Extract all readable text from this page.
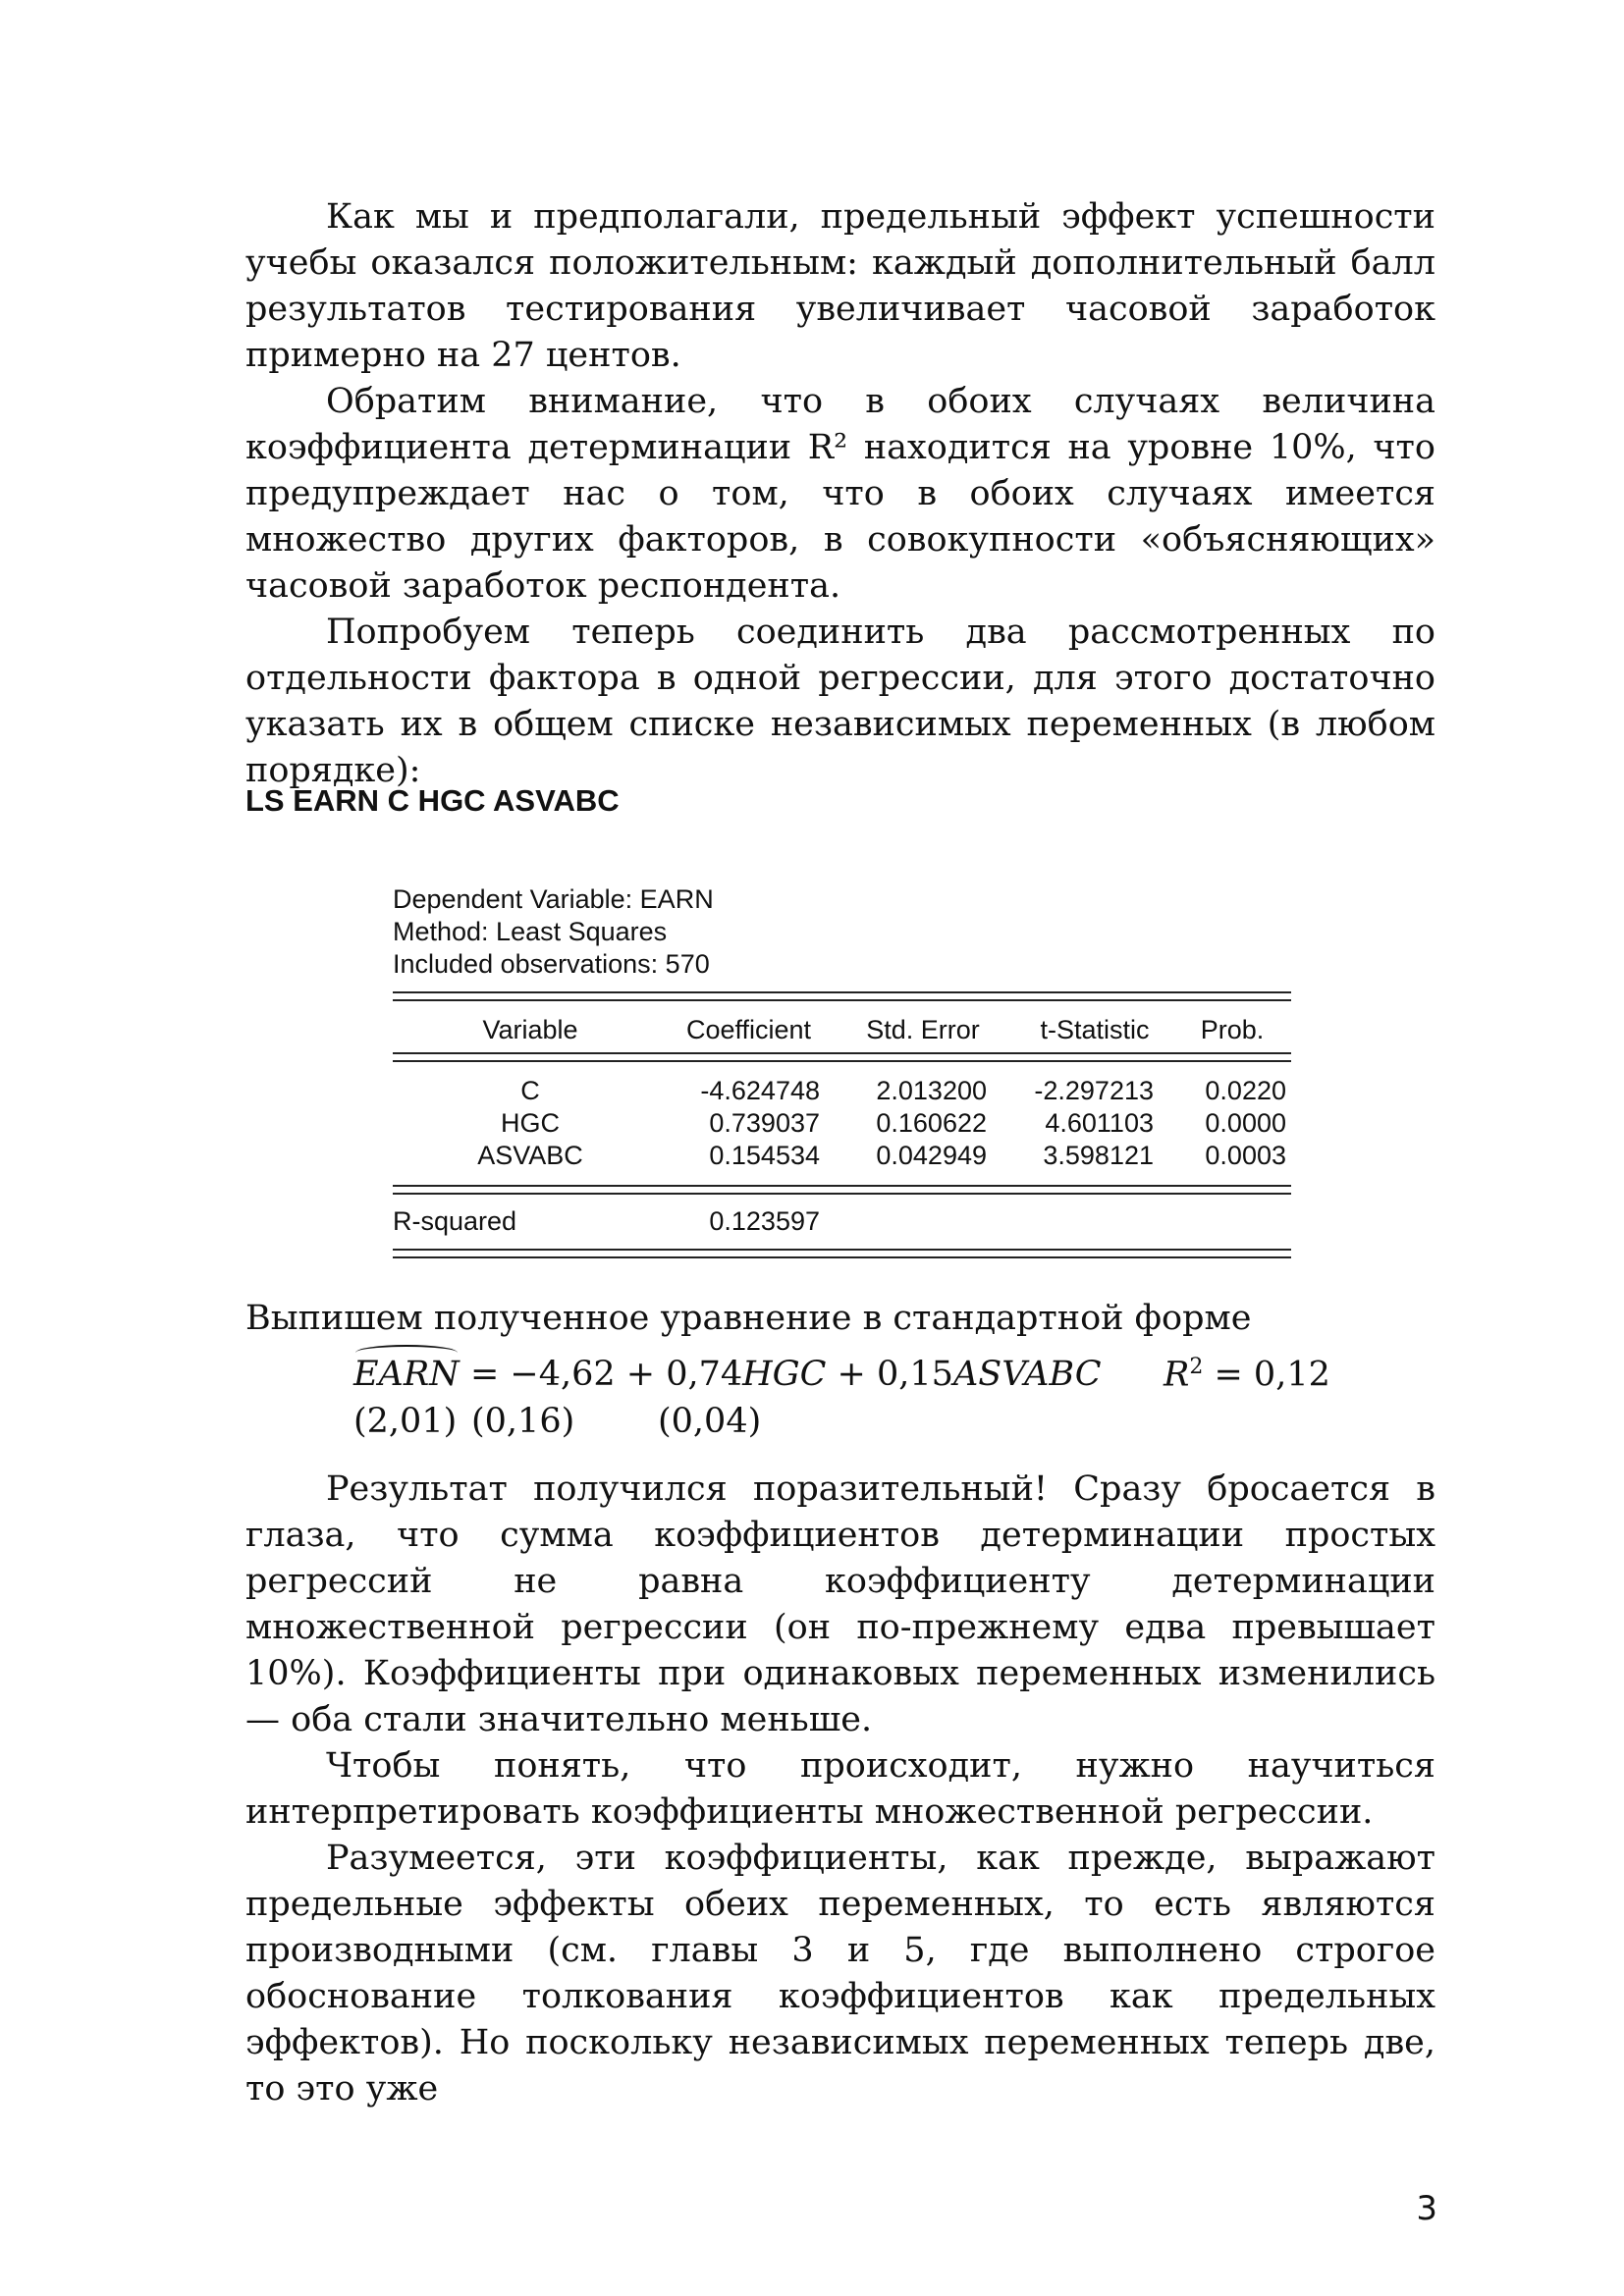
Как мы и предполагали, предельный эффект успешности учебы оказался положительным: каждый дополнительный балл результатов тестирования увеличивает часовой заработок примерно на 27 центов.

Обратим внимание, что в обоих случаях величина коэффициента детерминации R² находится на уровне 10%, что предупреждает нас о том, что в обоих случаях имеется множество других факторов, в совокупности «объясняющих» часовой заработок респондента.

Попробуем теперь соединить два рассмотренных по отдельности фактора в одной регрессии, для этого достаточно указать их в общем списке независимых переменных (в любом порядке):

LS EARN C HGC ASVABC
Dependent Variable: EARN
Method: Least Squares
Included observations: 570
Variable	Coefficient	Std. Error	t-Statistic	Prob.
C	-4.624748	2.013200	-2.297213	0.0220
HGC	0.739037	0.160622	4.601103	0.0000
ASVABC	0.154534	0.042949	3.598121	0.0003
R-squared	0.123597

Выпишем полученное уравнение в стандартной форме

EARN = −4,62 + 0,74HGC + 0,15ASVABC $R^2 = 0,12$
(2,01) (0,16) (0,04)

Результат получился поразительный! Сразу бросается в глаза, что сумма коэффициентов детерминации простых регрессий не равна коэффициенту детерминации множественной регрессии (он по-прежнему едва превышает 10%). Коэффициенты при одинаковых переменных изменились — оба стали значительно меньше.

Чтобы понять, что происходит, нужно научиться интерпретировать коэффициенты множественной регрессии.

Разумеется, эти коэффициенты, как прежде, выражают предельные эффекты обеих переменных, то есть являются производными (см. главы 3 и 5, где выполнено строгое обоснование толкования коэффициентов как предельных эффектов). Но поскольку независимых переменных теперь две, то это уже

3
